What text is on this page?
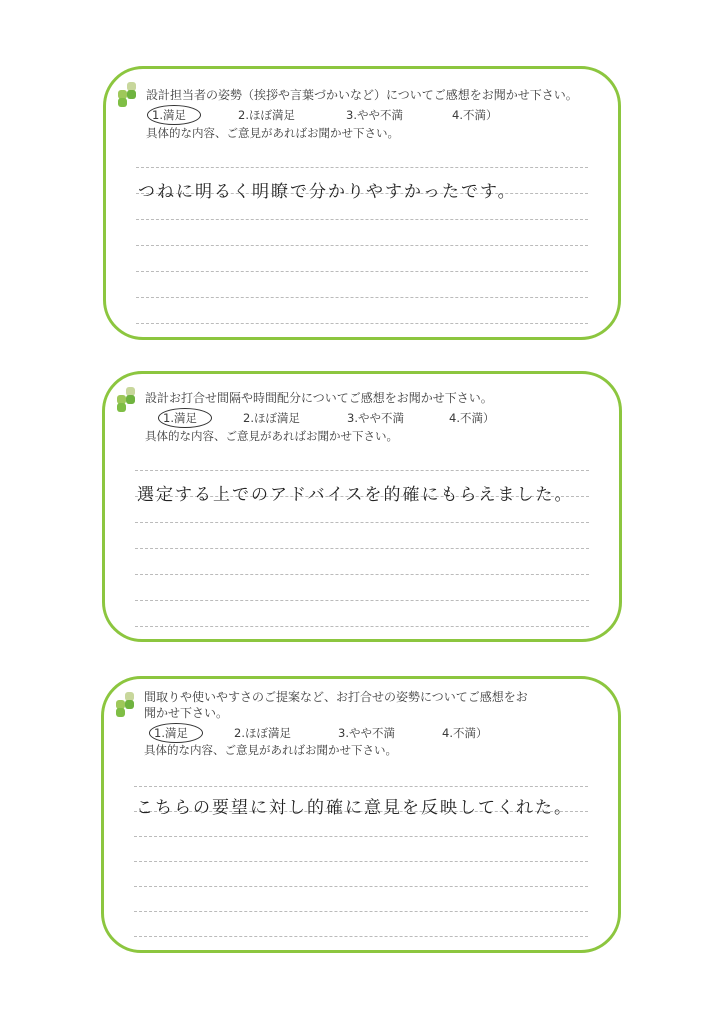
設計担当者の姿勢（挨拶や言葉づかいなど）についてご感想をお聞かせ下さい。
1.満足	2.ほぼ満足	3.やや不満	4.不満）
具体的な内容、ご意見があればお聞かせ下さい。
つねに明るく明瞭で分かりやすかったです。
設計お打合せ間隔や時間配分についてご感想をお聞かせ下さい。
1.満足	2.ほぼ満足	3.やや不満	4.不満）
具体的な内容、ご意見があればお聞かせ下さい。
選定する上でのアドバイスを的確にもらえました。
間取りや使いやすさのご提案など、お打合せの姿勢についてご感想をお
聞かせ下さい。
1.満足	2.ほぼ満足	3.やや不満	4.不満）
具体的な内容、ご意見があればお聞かせ下さい。
こちらの要望に対し的確に意見を反映してくれた。
